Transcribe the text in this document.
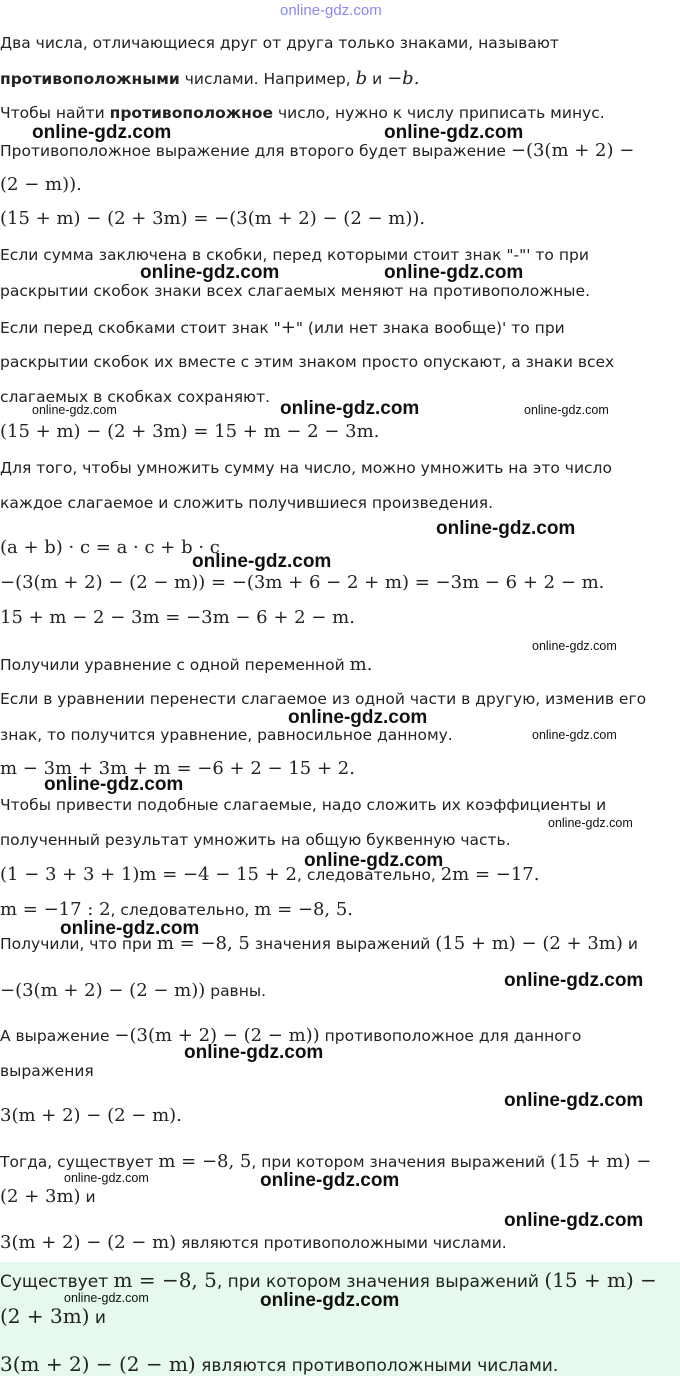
online-gdz.com
Два числа, отличающиеся друг от друга только знаками, называют
противоположными числами. Например, b и −b.
Чтобы найти противоположное число, нужно к числу приписать минус.
Противоположное выражение для второго будет выражение −(3(m + 2) −
(2 − m)).
(15 + m) − (2 + 3m) = −(3(m + 2) − (2 − m)).
Если сумма заключена в скобки, перед которыми стоит знак "-"' то при
раскрытии скобок знаки всех слагаемых меняют на противоположные.
Если перед скобками стоит знак "+" (или нет знака вообще)' то при
раскрытии скобок их вместе с этим знаком просто опускают, а знаки всех
слагаемых в скобках сохраняют.
(15 + m) − (2 + 3m) = 15 + m − 2 − 3m.
Для того, чтобы умножить сумму на число, можно умножить на это число
каждое слагаемое и сложить получившиеся произведения.
(a + b) · c = a · c + b · c
−(3(m + 2) − (2 − m)) = −(3m + 6 − 2 + m) = −3m − 6 + 2 − m.
15 + m − 2 − 3m = −3m − 6 + 2 − m.
Получили уравнение с одной переменной m.
Если в уравнении перенести слагаемое из одной части в другую, изменив его
знак, то получится уравнение, равносильное данному.
m − 3m + 3m + m = −6 + 2 − 15 + 2.
Чтобы привести подобные слагаемые, надо сложить их коэффициенты и
полученный результат умножить на общую буквенную часть.
(1 − 3 + 3 + 1)m = −4 − 15 + 2, следовательно, 2m = −17.
m = −17 : 2, следовательно, m = −8, 5.
Получили, что при m = −8, 5 значения выражений (15 + m) − (2 + 3m) и
−(3(m + 2) − (2 − m)) равны.
А выражение −(3(m + 2) − (2 − m)) противоположное для данного
выражения
3(m + 2) − (2 − m).
Тогда, существует m = −8, 5, при котором значения выражений (15 + m) −
(2 + 3m) и
3(m + 2) − (2 − m) являются противоположными числами.
Существует m = −8, 5, при котором значения выражений (15 + m) −
(2 + 3m) и
3(m + 2) − (2 − m) являются противоположными числами.
online-gdz.com	online-gdz.com
online-gdz.com	online-gdz.com
online-gdz.com	online-gdz.com	online-gdz.com
online-gdz.com
online-gdz.com
online-gdz.com
online-gdz.com
online-gdz.com
online-gdz.com
online-gdz.com
online-gdz.com
online-gdz.com
online-gdz.com
online-gdz.com
online-gdz.com
online-gdz.com	online-gdz.com
online-gdz.com
online-gdz.com	online-gdz.com
